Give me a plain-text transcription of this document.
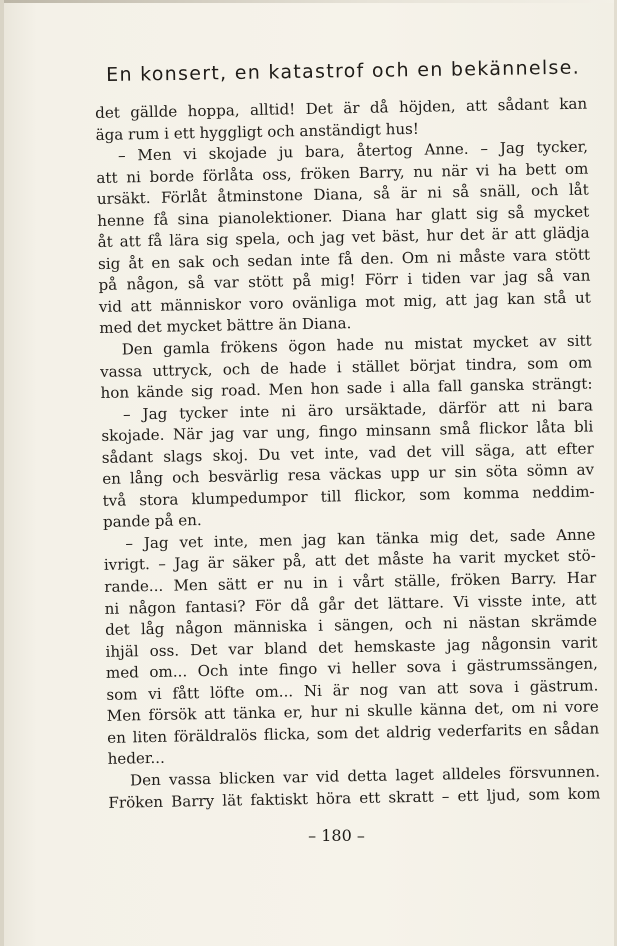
En konsert, en katastrof och en bekännelse.
det gällde hoppa, alltid! Det är då höjden, att sådant kan
äga rum i ett hyggligt och anständigt hus!
– Men vi skojade ju bara, återtog Anne. – Jag tycker,
att ni borde förlåta oss, fröken Barry, nu när vi ha bett om
ursäkt. Förlåt åtminstone Diana, så är ni så snäll, och låt
henne få sina pianolektioner. Diana har glatt sig så mycket
åt att få lära sig spela, och jag vet bäst, hur det är att glädja
sig åt en sak och sedan inte få den. Om ni måste vara stött
på någon, så var stött på mig! Förr i tiden var jag så van
vid att människor voro ovänliga mot mig, att jag kan stå ut
med det mycket bättre än Diana.
Den gamla frökens ögon hade nu mistat mycket av sitt
vassa uttryck, och de hade i stället börjat tindra, som om
hon kände sig road. Men hon sade i alla fall ganska strängt:
– Jag tycker inte ni äro ursäktade, därför att ni bara
skojade. När jag var ung, fingo minsann små flickor låta bli
sådant slags skoj. Du vet inte, vad det vill säga, att efter
en lång och besvärlig resa väckas upp ur sin söta sömn av
två stora klumpedumpor till flickor, som komma neddim-
pande på en.
– Jag vet inte, men jag kan tänka mig det, sade Anne
ivrigt. – Jag är säker på, att det måste ha varit mycket stö-
rande... Men sätt er nu in i vårt ställe, fröken Barry. Har
ni någon fantasi? För då går det lättare. Vi visste inte, att
det låg någon människa i sängen, och ni nästan skrämde
ihjäl oss. Det var bland det hemskaste jag någonsin varit
med om... Och inte fingo vi heller sova i gästrumssängen,
som vi fått löfte om... Ni är nog van att sova i gästrum.
Men försök att tänka er, hur ni skulle känna det, om ni vore
en liten föräldralös flicka, som det aldrig vederfarits en sådan
heder...
Den vassa blicken var vid detta laget alldeles försvunnen.
Fröken Barry lät faktiskt höra ett skratt – ett ljud, som kom
– 180 –
